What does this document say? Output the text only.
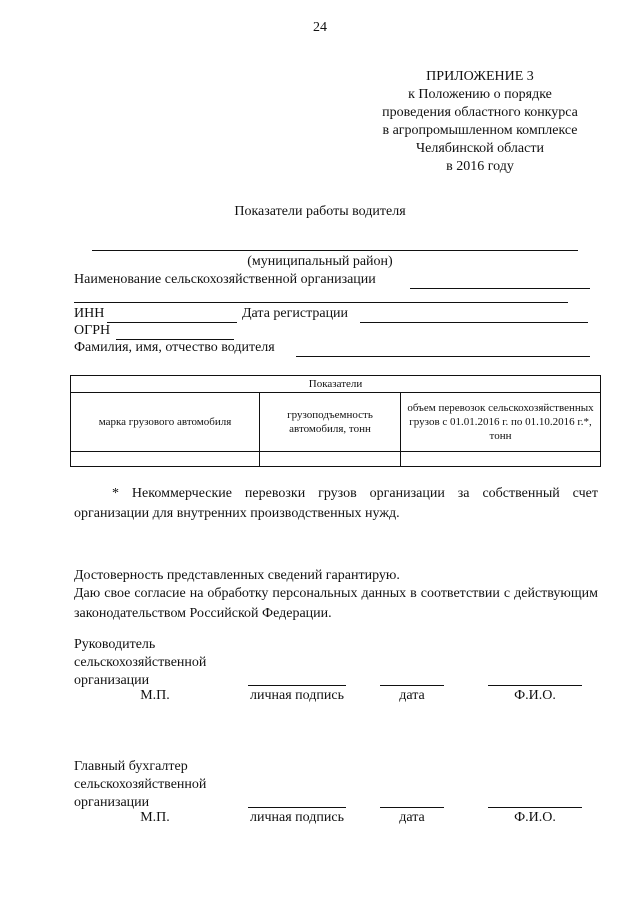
24
ПРИЛОЖЕНИЕ 3
к Положению о порядке
проведения областного конкурса
в агропромышленном комплексе
Челябинской области
в 2016 году
Показатели работы водителя
(муниципальный район)
Наименование сельскохозяйственной организации
ИНН	Дата регистрации
ОГРН
Фамилия, имя, отчество водителя
Показатели		
марка грузового автомобиля	грузоподъемность автомобиля, тонн	объем перевозок сельскохозяйственных грузов с 01.01.2016 г. по 01.10.2016 г.*, тонн

* Некоммерческие перевозки грузов организации за собственный счет организации для внутренних производственных нужд.
Достоверность представленных сведений гарантирую.
Даю свое согласие на обработку персональных данных в соответствии с действующим законодательством Российской Федерации.
Руководитель
сельскохозяйственной
организации
М.П.	личная подпись	дата	Ф.И.О.
Главный бухгалтер
сельскохозяйственной
организации
М.П.	личная подпись	дата	Ф.И.О.
